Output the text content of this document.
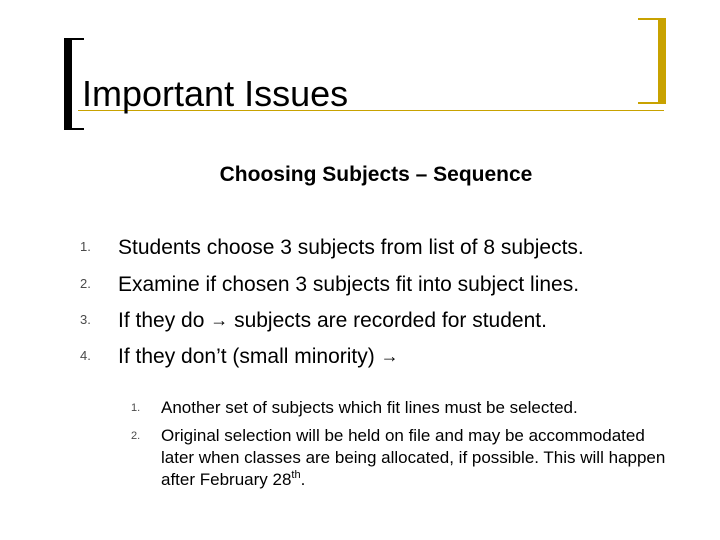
Important Issues

Choosing Subjects – Sequence

1. Students choose 3 subjects from list of 8 subjects.
2. Examine if chosen 3 subjects fit into subject lines.
3. If they do → subjects are recorded for student.
4. If they don’t (small minority) →
1. Another set of subjects which fit lines must be selected.
2. Original selection will be held on file and may be accommodated later when classes are being allocated, if possible. This will happen after February 28th.
